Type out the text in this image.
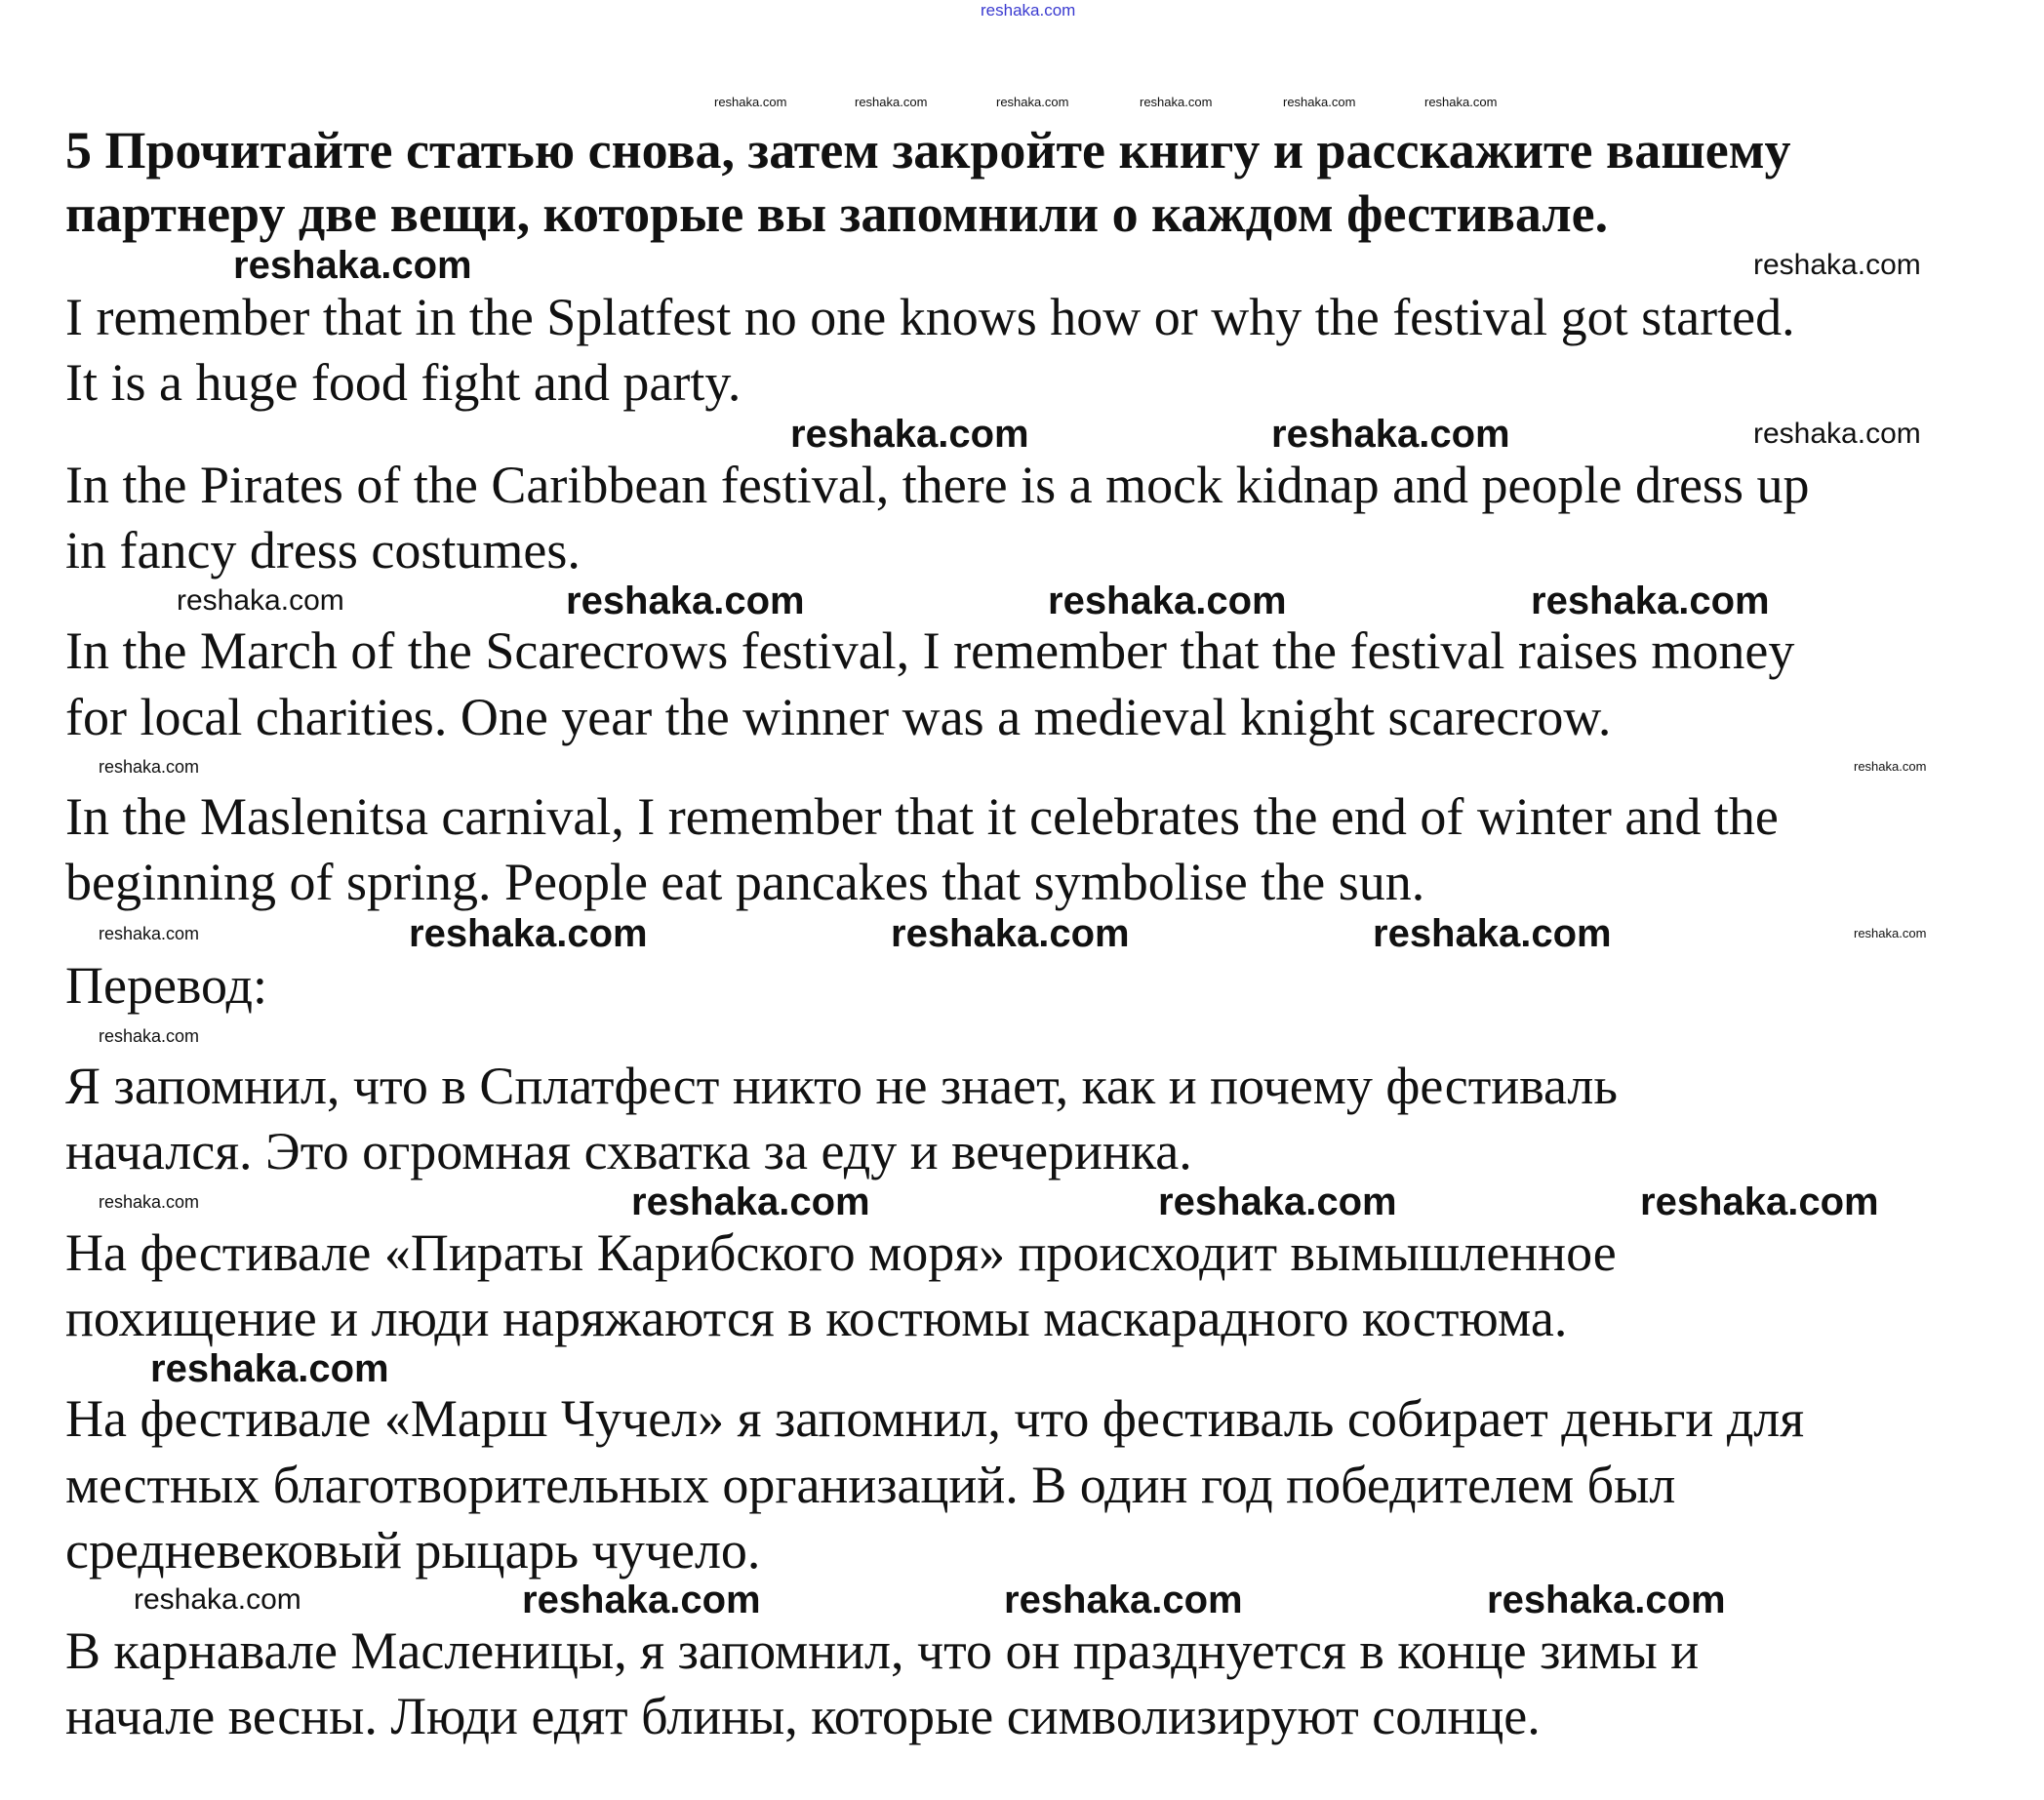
5 Прочитайте статью снова, затем закройте книгу и расскажите вашему
партнеру две вещи, которые вы запомнили о каждом фестивале.
I remember that in the Splatfest no one knows how or why the festival got started.
It is a huge food fight and party.
In the Pirates of the Caribbean festival, there is a mock kidnap and people dress up
in fancy dress costumes.
In the March of the Scarecrows festival, I remember that the festival raises money
for local charities. One year the winner was a medieval knight scarecrow.
In the Maslenitsa carnival, I remember that it celebrates the end of winter and the
beginning of spring. People eat pancakes that symbolise the sun.
Перевод:
Я запомнил, что в Сплатфест никто не знает, как и почему фестиваль
начался. Это огромная схватка за еду и вечеринка.
На фестивале «Пираты Карибского моря» происходит вымышленное
похищение и люди наряжаются в костюмы маскарадного костюма.
На фестивале «Марш Чучел» я запомнил, что фестиваль собирает деньги для
местных благотворительных организаций. В один год победителем был
средневековый рыцарь чучело.
В карнавале Масленицы, я запомнил, что он празднуется в конце зимы и
начале весны. Люди едят блины, которые символизируют солнце.
reshaka.com
reshaka.com	reshaka.com	reshaka.com	reshaka.com	reshaka.com	reshaka.com
reshaka.com	reshaka.com
reshaka.com	reshaka.com	reshaka.com
reshaka.com	reshaka.com	reshaka.com	reshaka.com
reshaka.com	reshaka.com
reshaka.com	reshaka.com	reshaka.com	reshaka.com	reshaka.com
reshaka.com
reshaka.com	reshaka.com	reshaka.com	reshaka.com
reshaka.com
reshaka.com	reshaka.com	reshaka.com	reshaka.com
